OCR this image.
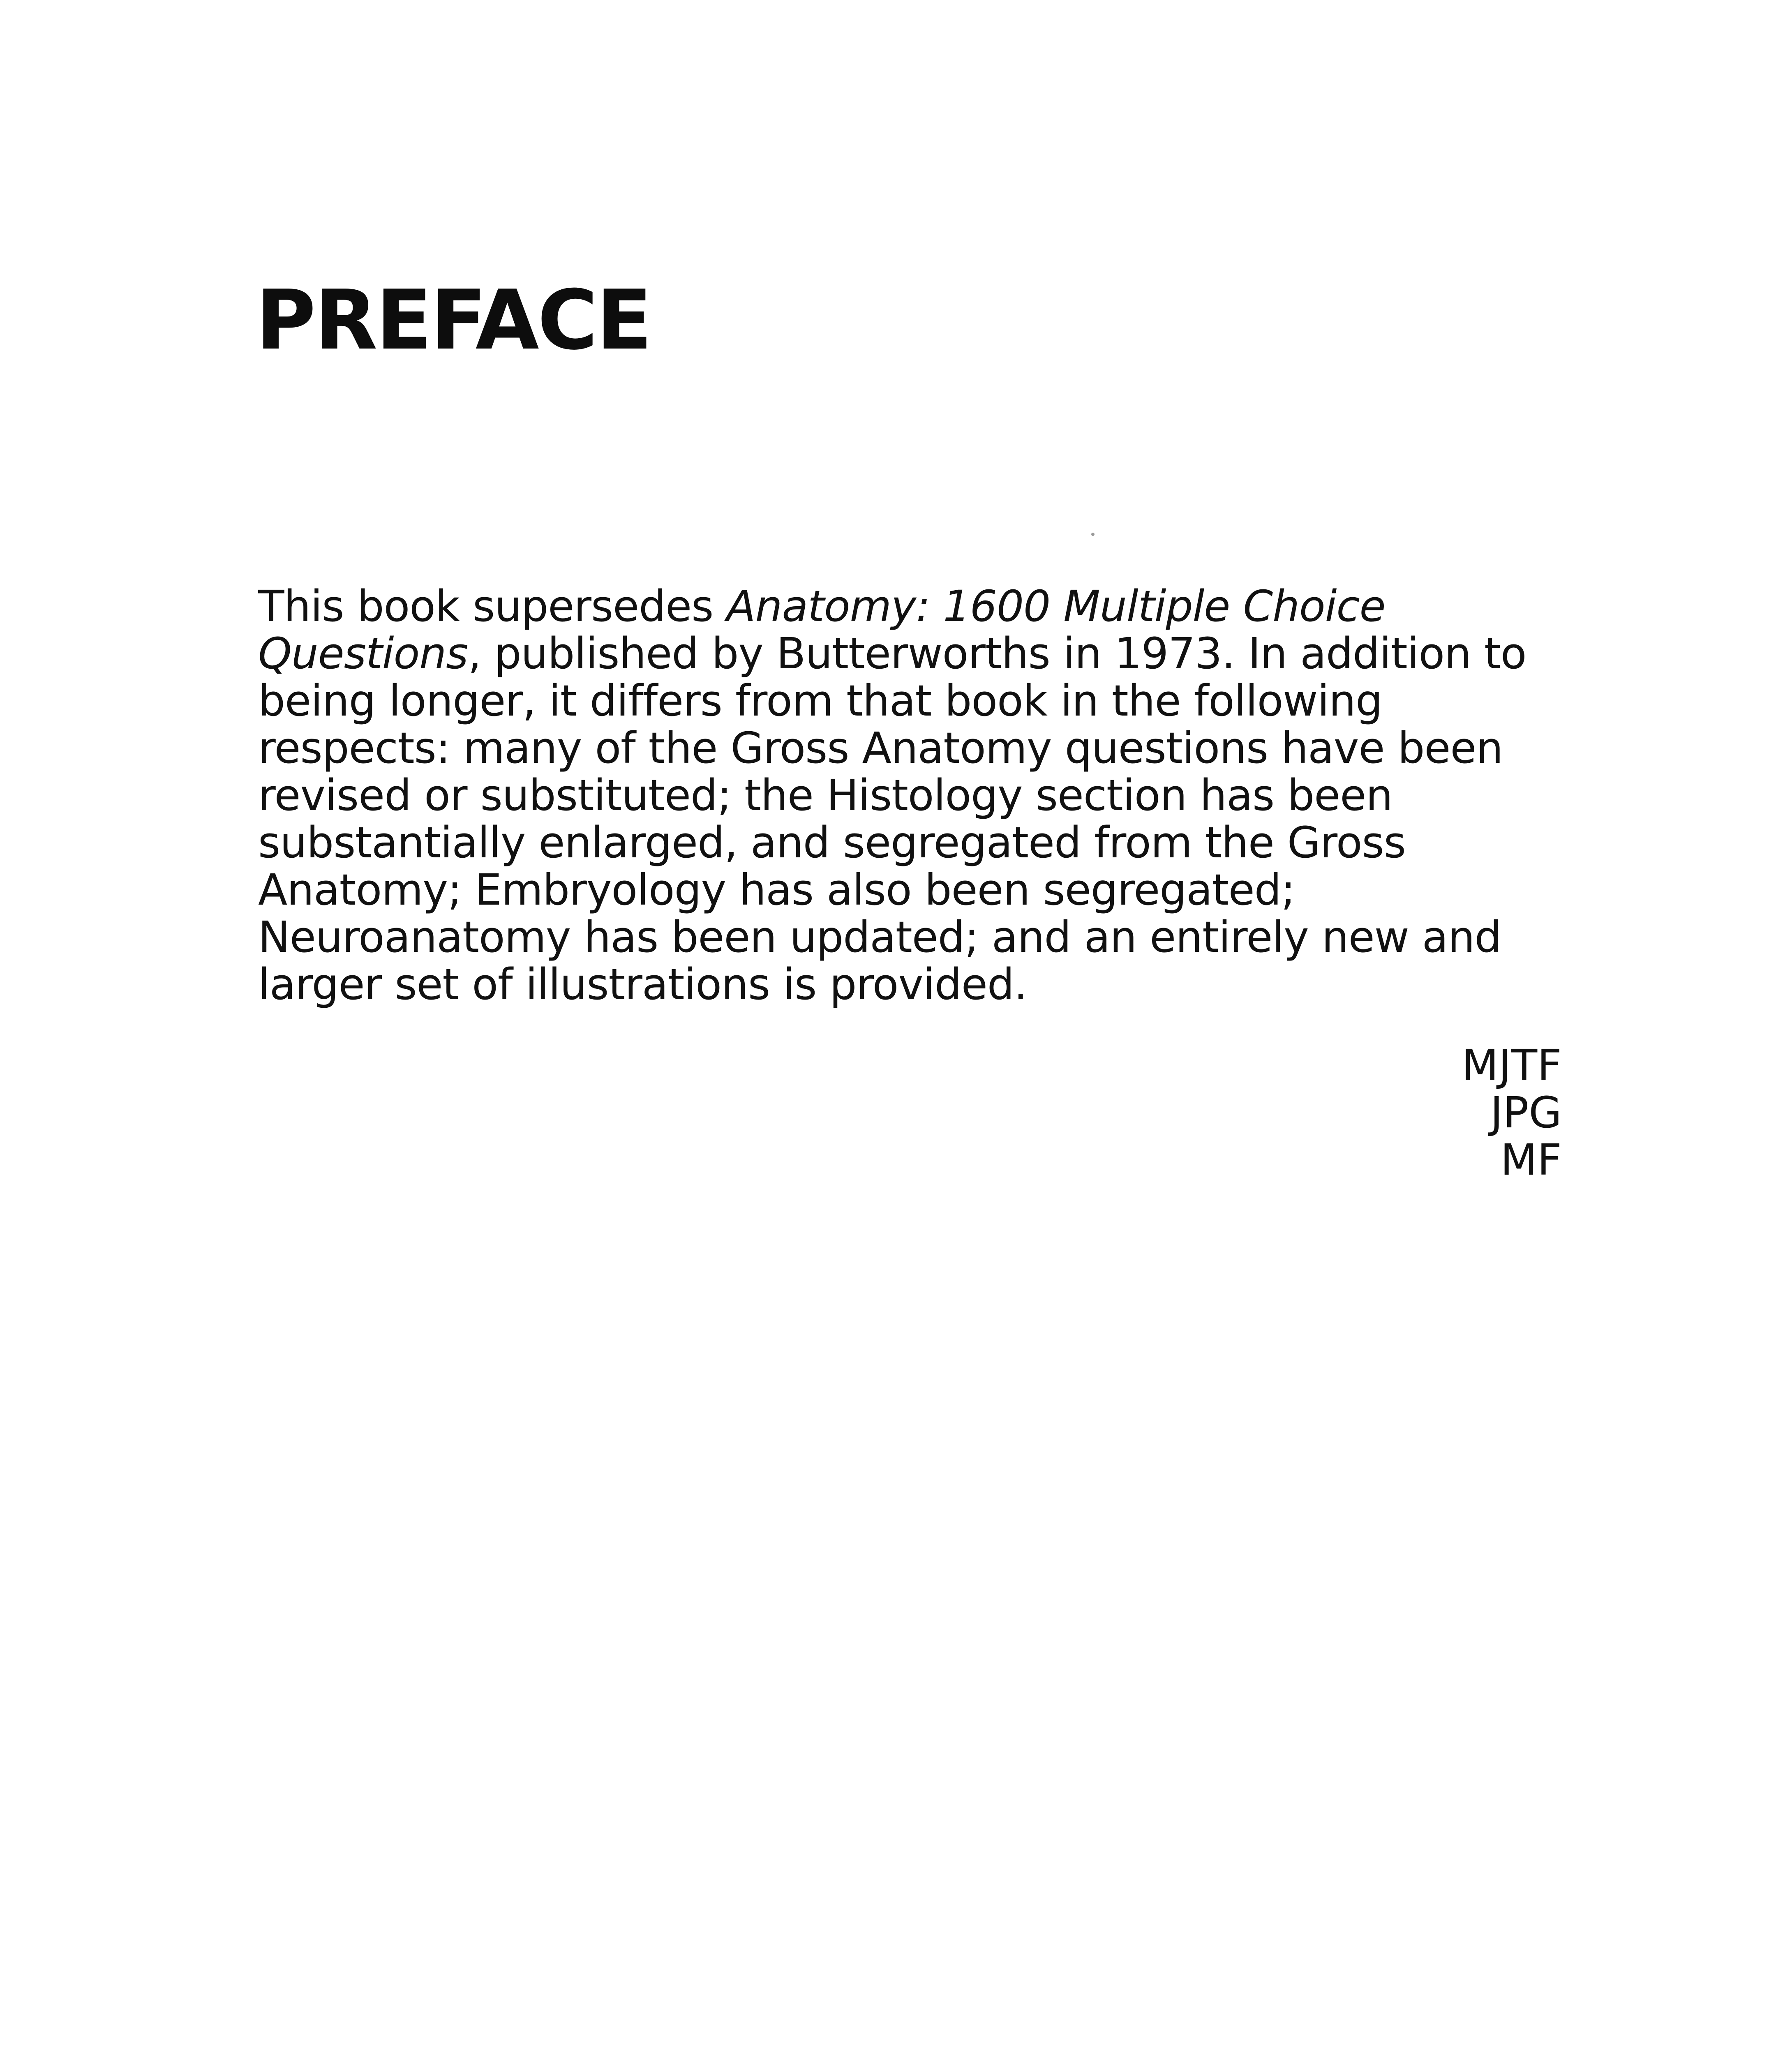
PREFACE

This book supersedes Anatomy: 1600 Multiple Choice Questions, published by Butterworths in 1973. In addition to being longer, it differs from that book in the following respects: many of the Gross Anatomy questions have been revised or substituted; the Histology section has been substantially enlarged, and segregated from the Gross Anatomy; Embryology has also been segregated; Neuroanatomy has been updated; and an entirely new and larger set of illustrations is provided.

MJTF
JPG
MF
